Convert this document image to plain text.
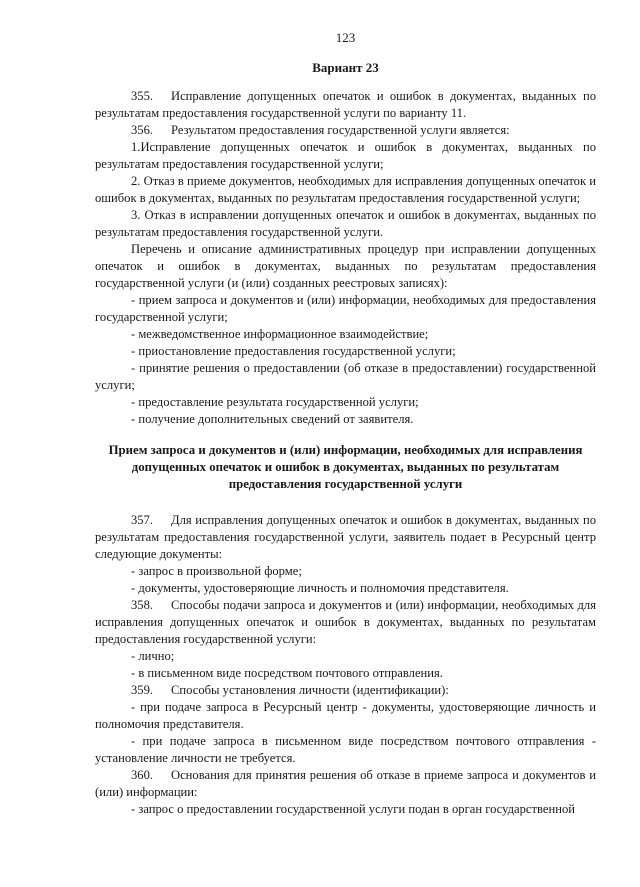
123
Вариант 23

355. Исправление допущенных опечаток и ошибок в документах, выданных по результатам предоставления государственной услуги по варианту 11.

356. Результатом предоставления государственной услуги является:

1.Исправление допущенных опечаток и ошибок в документах, выданных по результатам предоставления государственной услуги;

2. Отказ в приеме документов, необходимых для исправления допущенных опечаток и ошибок в документах, выданных по результатам предоставления государственной услуги;

3. Отказ в исправлении допущенных опечаток и ошибок в документах, выданных по результатам предоставления государственной услуги.

Перечень и описание административных процедур при исправлении допущенных опечаток и ошибок в документах, выданных по результатам предоставления государственной услуги (и (или) созданных реестровых записях):

- прием запроса и документов и (или) информации, необходимых для предоставления государственной услуги;

- межведомственное информационное взаимодействие;

- приостановление предоставления государственной услуги;

- принятие решения о предоставлении (об отказе в предоставлении) государственной услуги;

- предоставление результата государственной услуги;

- получение дополнительных сведений от заявителя.

Прием запроса и документов и (или) информации, необходимых для исправления допущенных опечаток и ошибок в документах, выданных по результатам предоставления государственной услуги

357. Для исправления допущенных опечаток и ошибок в документах, выданных по результатам предоставления государственной услуги, заявитель подает в Ресурсный центр следующие документы:

- запрос в произвольной форме;

- документы, удостоверяющие личность и полномочия представителя.

358. Способы подачи запроса и документов и (или) информации, необходимых для исправления допущенных опечаток и ошибок в документах, выданных по результатам предоставления государственной услуги:

- лично;

- в письменном виде посредством почтового отправления.

359. Способы установления личности (идентификации):

- при подаче запроса в Ресурсный центр - документы, удостоверяющие личность и полномочия представителя.

- при подаче запроса в письменном виде посредством почтового отправления - установление личности не требуется.

360. Основания для принятия решения об отказе в приеме запроса и документов и (или) информации:

- запрос о предоставлении государственной услуги подан в орган государственной
